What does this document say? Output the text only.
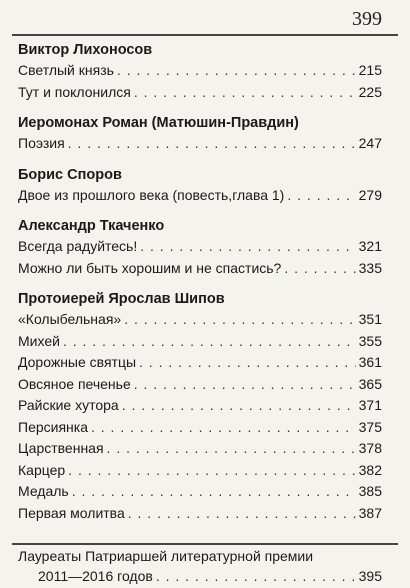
399
Виктор Лихоносов
Светлый князь . . .	215
Тут и поклонился . . .	225
Иеромонах Роман (Матюшин-Правдин)
Поэзия . . .	247
Борис Споров
Двое из прошлого века (повесть,глава 1) . . .	279
Александр Ткаченко
Всегда радуйтесь! . . .	321
Можно ли быть хорошим и не спастись? . . .	335
Протоиерей Ярослав Шипов
«Колыбельная» . . .	351
Михей . . .	355
Дорожные святцы . . .	361
Овсяное печенье . . .	365
Райские хутора . . .	371
Персиянка . . .	375
Царственная . . .	378
Карцер . . .	382
Медаль . . .	385
Первая молитва . . .	387
Лауреаты Патриаршей литературной премии
2011—2016 годов . . .	395
